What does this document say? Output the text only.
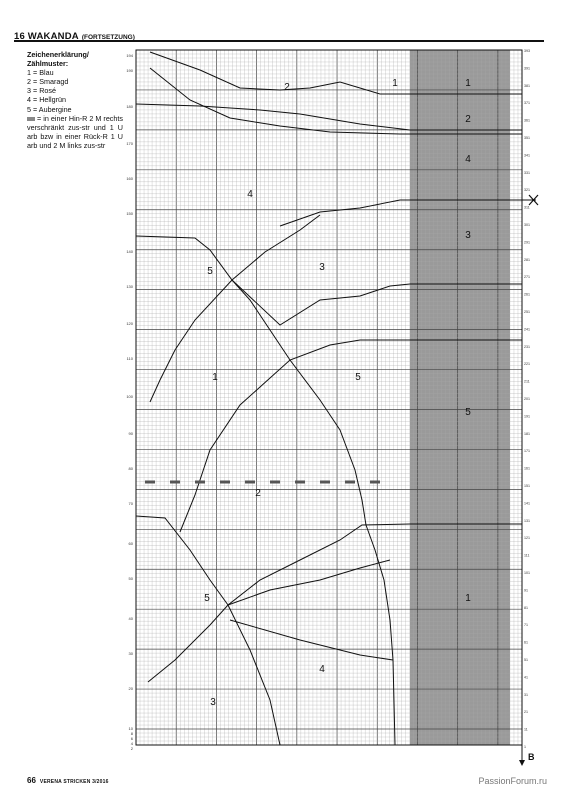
16 WAKANDA (FORTSETZUNG)
Zeichenerklärung/
Zählmuster:
1 = Blau
2 = Smaragd
3 = Rosé
4 = Hellgrün
5 = Aubergine
= in einer Hin-R 2 M rechts verschränkt zus-str und 1 U arb bzw in einer Rück-R 1 U arb und 2 M links zus-str
2
4
6
8
10
20
30
40
50
60
70
80
90
100
110
120
130
140
150
160
170
180
190
194
1
11
21
31
41
51
61
71
81
91
101
111
121
131
141
151
161
171
181
191
201
211
221
231
241
251
261
271
281
291
301
311
321
331
341
351
361
371
381
391
393
2	1	1
2
4
4
3
5	3
1	5
5
2
5
4
3
1
B
66 VERENA STRICKEN 3/2016	PassionForum.ru
